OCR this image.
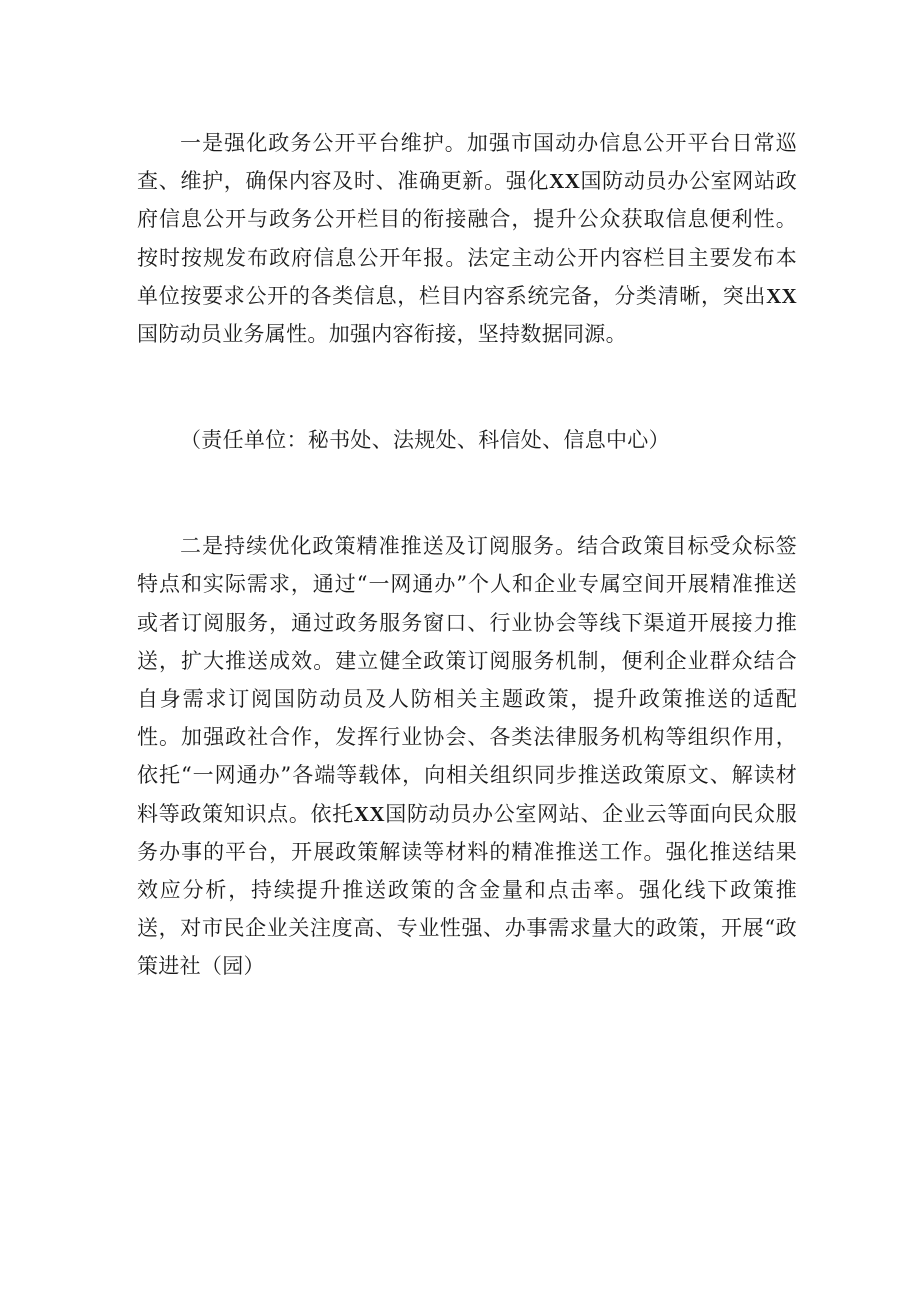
一是强化政务公开平台维护。加强市国动办信息公开平台日常巡查、维护，确保内容及时、准确更新。强化XX国防动员办公室网站政府信息公开与政务公开栏目的衔接融合，提升公众获取信息便利性。按时按规发布政府信息公开年报。法定主动公开内容栏目主要发布本单位按要求公开的各类信息，栏目内容系统完备，分类清晰，突出XX国防动员业务属性。加强内容衔接，坚持数据同源。

（责任单位：秘书处、法规处、科信处、信息中心）

二是持续优化政策精准推送及订阅服务。结合政策目标受众标签特点和实际需求，通过“一网通办”个人和企业专属空间开展精准推送或者订阅服务，通过政务服务窗口、行业协会等线下渠道开展接力推送，扩大推送成效。建立健全政策订阅服务机制，便利企业群众结合自身需求订阅国防动员及人防相关主题政策，提升政策推送的适配性。加强政社合作，发挥行业协会、各类法律服务机构等组织作用，依托“一网通办”各端等载体，向相关组织同步推送政策原文、解读材料等政策知识点。依托XX国防动员办公室网站、企业云等面向民众服务办事的平台，开展政策解读等材料的精准推送工作。强化推送结果效应分析，持续提升推送政策的含金量和点击率。强化线下政策推送，对市民企业关注度高、专业性强、办事需求量大的政策，开展“政策进社（园）
